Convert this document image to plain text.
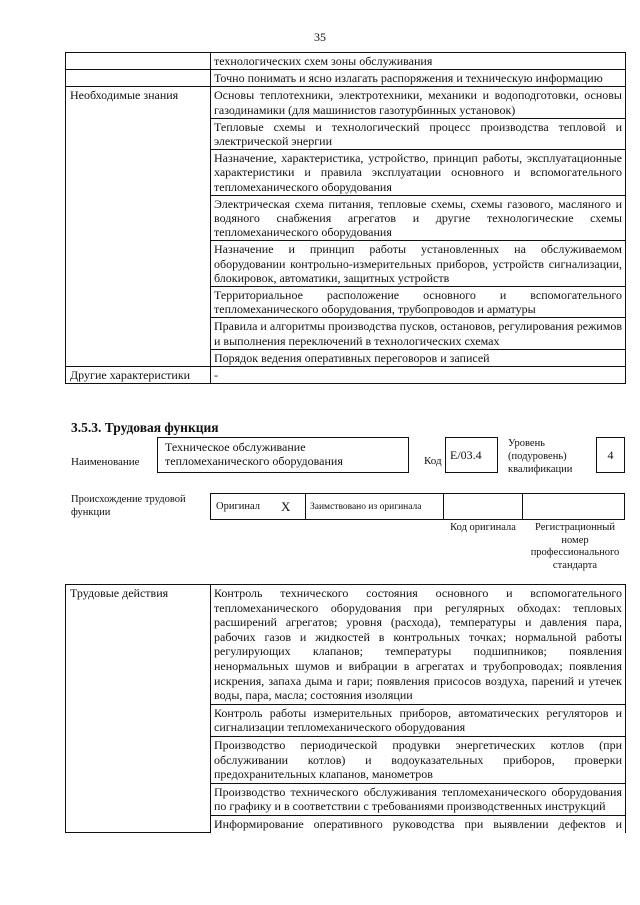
35
	технологических схем зоны обслуживания
	Точно понимать и ясно излагать распоряжения и техническую информацию
Необходимые знания	Основы теплотехники, электротехники, механики и водоподготовки, основы газодинамики (для машинистов газотурбинных установок)
	Тепловые схемы и технологический процесс производства тепловой и электрической энергии
	Назначение, характеристика, устройство, принцип работы, эксплуатационные характеристики и правила эксплуатации основного и вспомогательного тепломеханического оборудования
	Электрическая схема питания, тепловые схемы, схемы газового, масляного и водяного снабжения агрегатов и другие технологические схемы тепломеханического оборудования
	Назначение и принцип работы установленных на обслуживаемом оборудовании контрольно-измерительных приборов, устройств сигнализации, блокировок, автоматики, защитных устройств
	Территориальное расположение основного и вспомогательного тепломеханического оборудования, трубопроводов и арматуры
	Правила и алгоритмы производства пусков, остановов, регулирования режимов и выполнения переключений в технологических схемах
	Порядок ведения оперативных переговоров и записей
Другие характеристики	-
3.5.3. Трудовая функция
Наименование
Техническое обслуживание тепломеханического оборудования	Код E/03.4
Уровень (подуровень) квалификации
4
Происхождение трудовой функции	Оригинал X Заимствовано из оригинала
Код оригинала	Регистрационный номер профессионального стандарта
Трудовые действия	Контроль технического состояния основного и вспомогательного тепломеханического оборудования при регулярных обходах: тепловых расширений агрегатов; уровня (расхода), температуры и давления пара, рабочих газов и жидкостей в контрольных точках; нормальной работы регулирующих клапанов; температуры подшипников; появления ненормальных шумов и вибрации в агрегатах и трубопроводах; появления искрения, запаха дыма и гари; появления присосов воздуха, парений и утечек воды, пара, масла; состояния изоляции
Контроль работы измерительных приборов, автоматических регуляторов и сигнализации тепломеханического оборудования
Производство периодической продувки энергетических котлов (при обслуживании котлов) и водоуказательных приборов, проверки предохранительных клапанов, манометров
Производство технического обслуживания тепломеханического оборудования по графику и в соответствии с требованиями производственных инструкций
Информирование оперативного руководства при выявлении дефектов и
